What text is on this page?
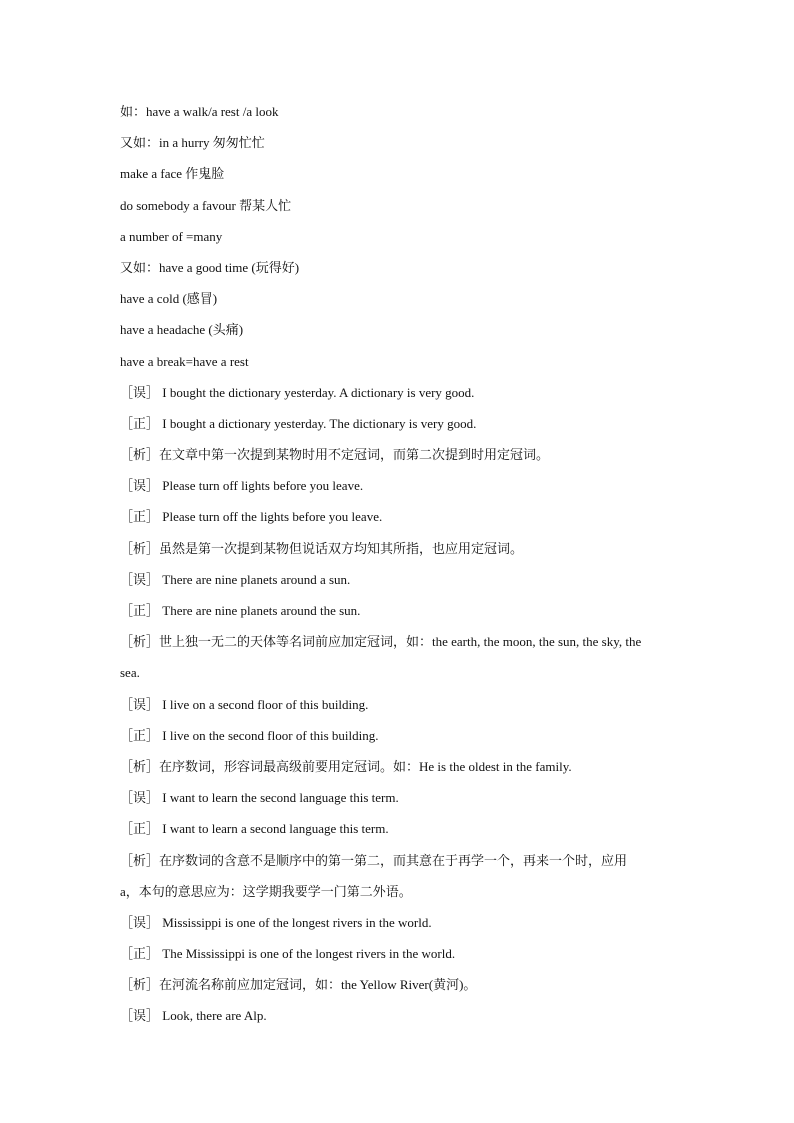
如：have a walk/a rest /a look
又如：in a hurry 匆匆忙忙
make a face 作鬼脸
do somebody a favour 帮某人忙
a number of =many
又如：have a good time (玩得好)
have a cold (感冒)
have a headache (头痛)
have a break=have a rest
［误］ I bought the dictionary yesterday. A dictionary is very good.
［正］ I bought a dictionary yesterday. The dictionary is very good.
［析］在文章中第一次提到某物时用不定冠词，而第二次提到时用定冠词。
［误］ Please turn off lights before you leave.
［正］ Please turn off the lights before you leave.
［析］虽然是第一次提到某物但说话双方均知其所指，也应用定冠词。
［误］ There are nine planets around a sun.
［正］ There are nine planets around the sun.
［析］世上独一无二的天体等名词前应加定冠词，如：the earth, the moon, the sun, the sky, the
sea.
［误］ I live on a second floor of this building.
［正］ I live on the second floor of this building.
［析］在序数词，形容词最高级前要用定冠词。如：He is the oldest in the family.
［误］ I want to learn the second language this term.
［正］ I want to learn a second language this term.
［析］在序数词的含意不是顺序中的第一第二，而其意在于再学一个，再来一个时，应用
a，本句的意思应为：这学期我要学一门第二外语。
［误］ Mississippi is one of the longest rivers in the world.
［正］ The Mississippi is one of the longest rivers in the world.
［析］在河流名称前应加定冠词，如：the Yellow River(黄河)。
［误］ Look, there are Alp.
